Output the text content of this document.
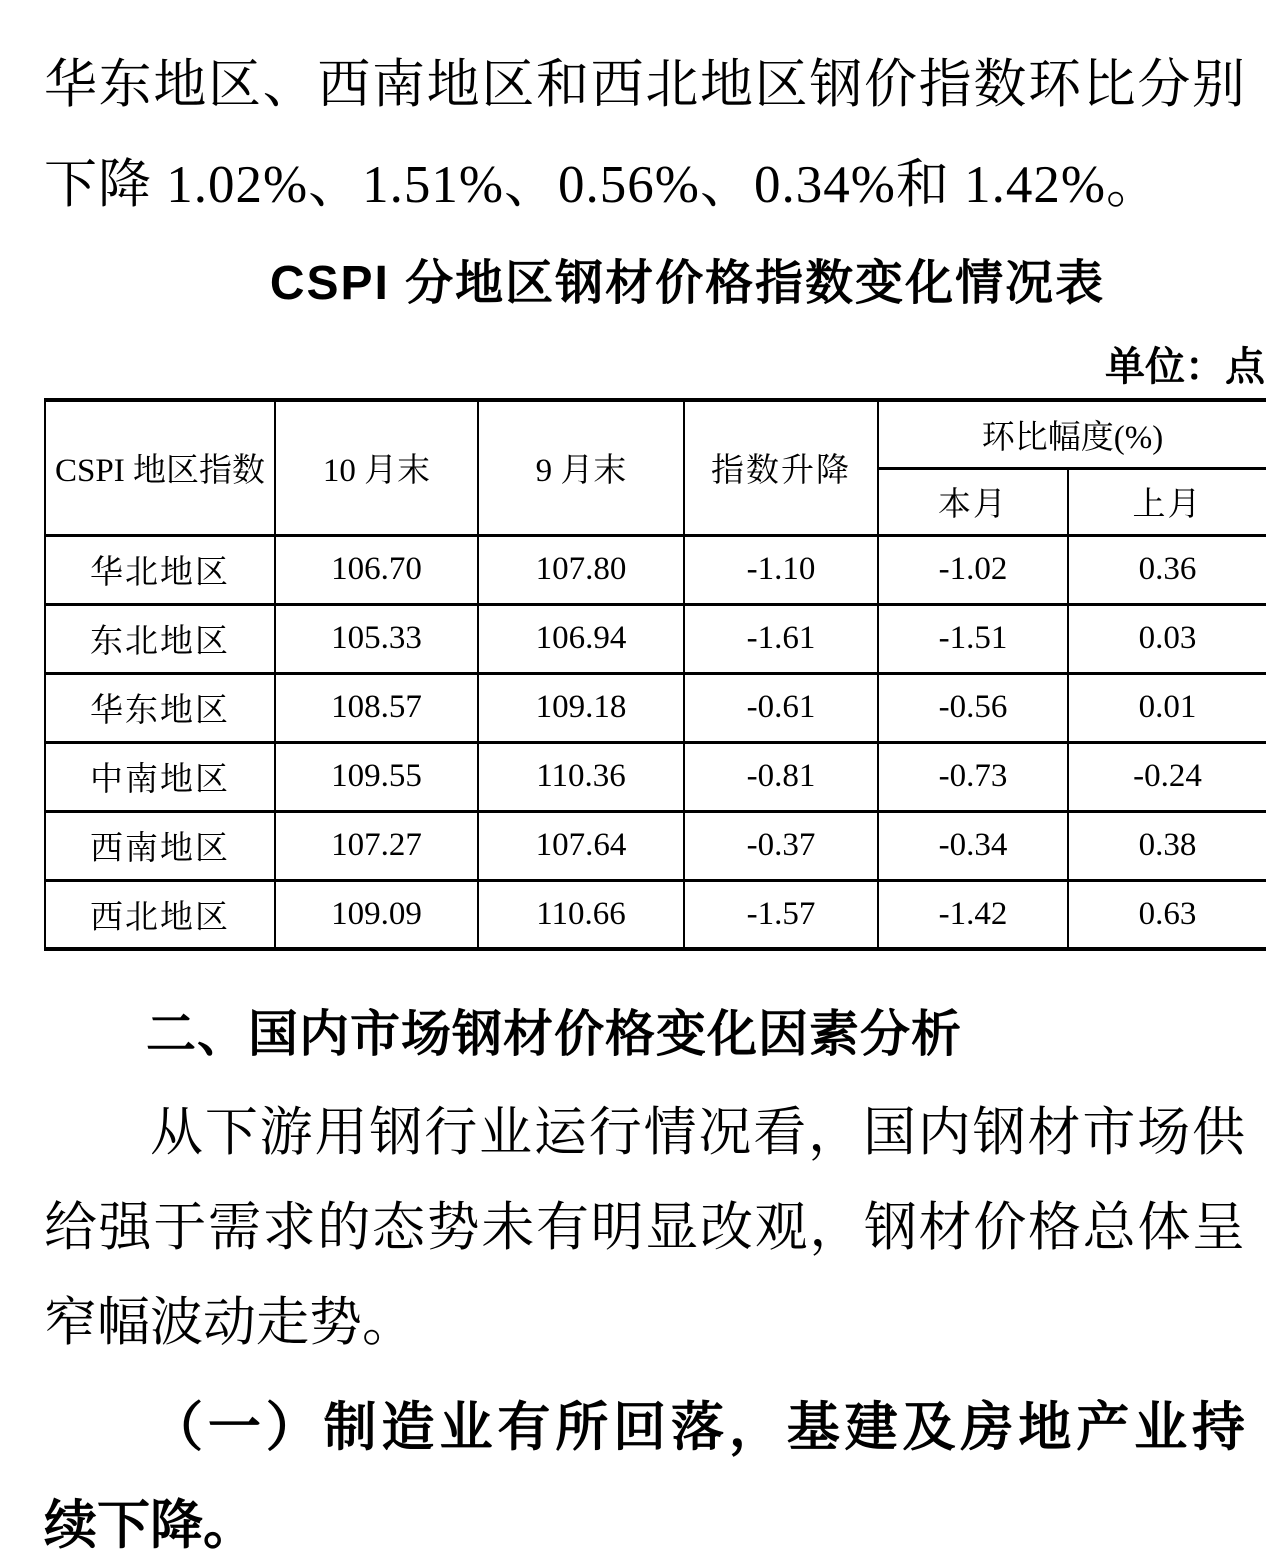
华东地区、西南地区和西北地区钢价指数环比分别
下降 1.02%、1.51%、0.56%、0.34%和 1.42%。
CSPI 分地区钢材价格指数变化情况表
单位：点
CSPI 地区指数	10 月末	9 月末	指数升降	环比幅度(%)	
				本月	上月
华北地区	106.70	107.80	-1.10	-1.02	0.36
东北地区	105.33	106.94	-1.61	-1.51	0.03
华东地区	108.57	109.18	-0.61	-0.56	0.01
中南地区	109.55	110.36	-0.81	-0.73	-0.24
西南地区	107.27	107.64	-0.37	-0.34	0.38
西北地区	109.09	110.66	-1.57	-1.42	0.63
二、国内市场钢材价格变化因素分析
从下游用钢行业运行情况看，国内钢材市场供
给强于需求的态势未有明显改观，钢材价格总体呈
窄幅波动走势。
（一）制造业有所回落，基建及房地产业持
续下降。
